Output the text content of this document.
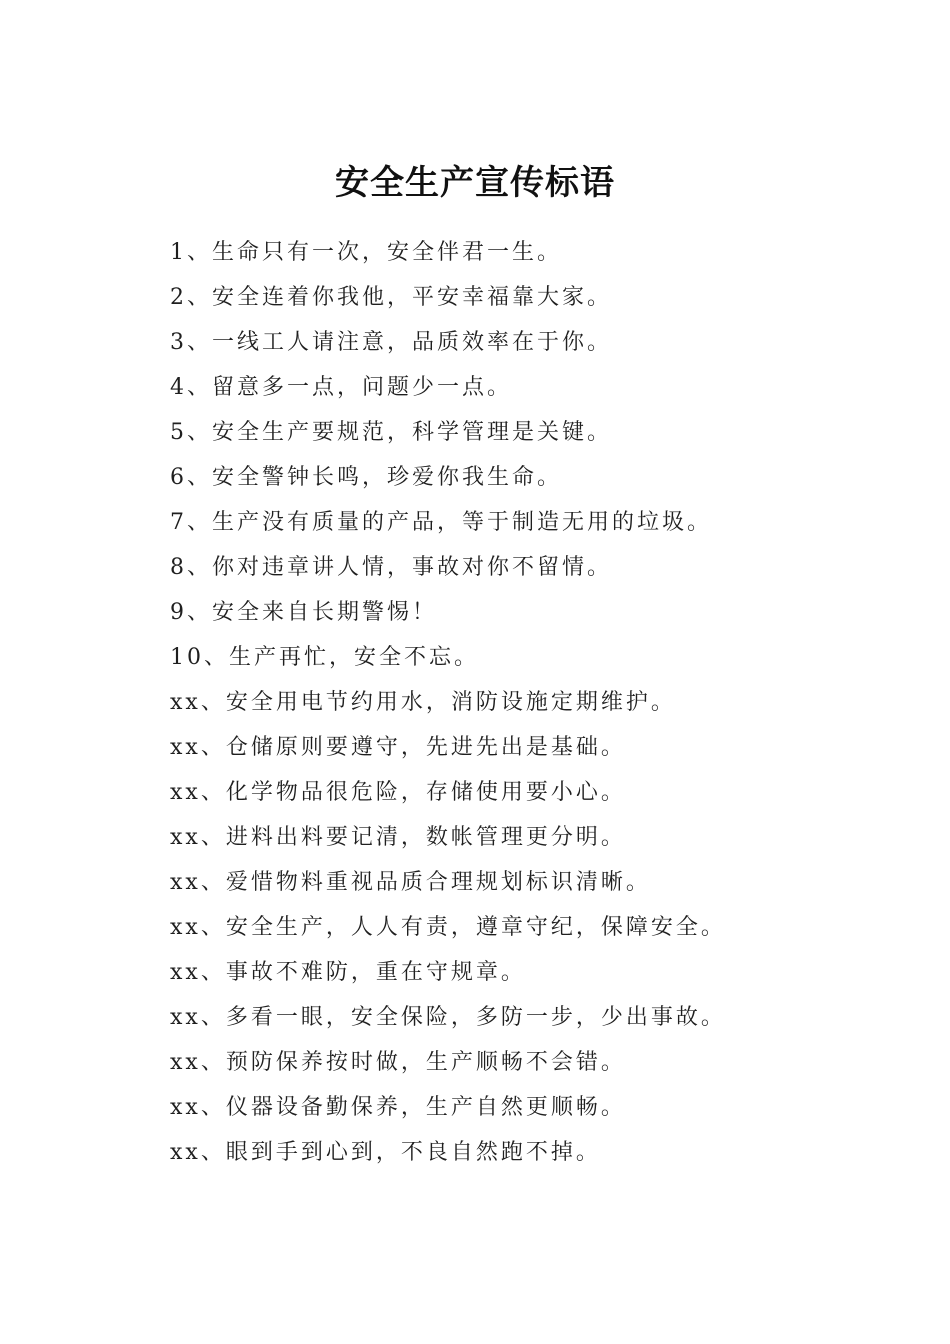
安全生产宣传标语
1、生命只有一次，安全伴君一生。
2、安全连着你我他，平安幸福靠大家。
3、一线工人请注意，品质效率在于你。
4、留意多一点，问题少一点。
5、安全生产要规范，科学管理是关键。
6、安全警钟长鸣，珍爱你我生命。
7、生产没有质量的产品，等于制造无用的垃圾。
8、你对违章讲人情，事故对你不留情。
9、安全来自长期警惕！
10、生产再忙，安全不忘。
xx、安全用电节约用水，消防设施定期维护。
xx、仓储原则要遵守，先进先出是基础。
xx、化学物品很危险，存储使用要小心。
xx、进料出料要记清，数帐管理更分明。
xx、爱惜物料重视品质合理规划标识清晰。
xx、安全生产，人人有责，遵章守纪，保障安全。
xx、事故不难防，重在守规章。
xx、多看一眼，安全保险，多防一步，少出事故。
xx、预防保养按时做，生产顺畅不会错。
xx、仪器设备勤保养，生产自然更顺畅。
xx、眼到手到心到，不良自然跑不掉。
